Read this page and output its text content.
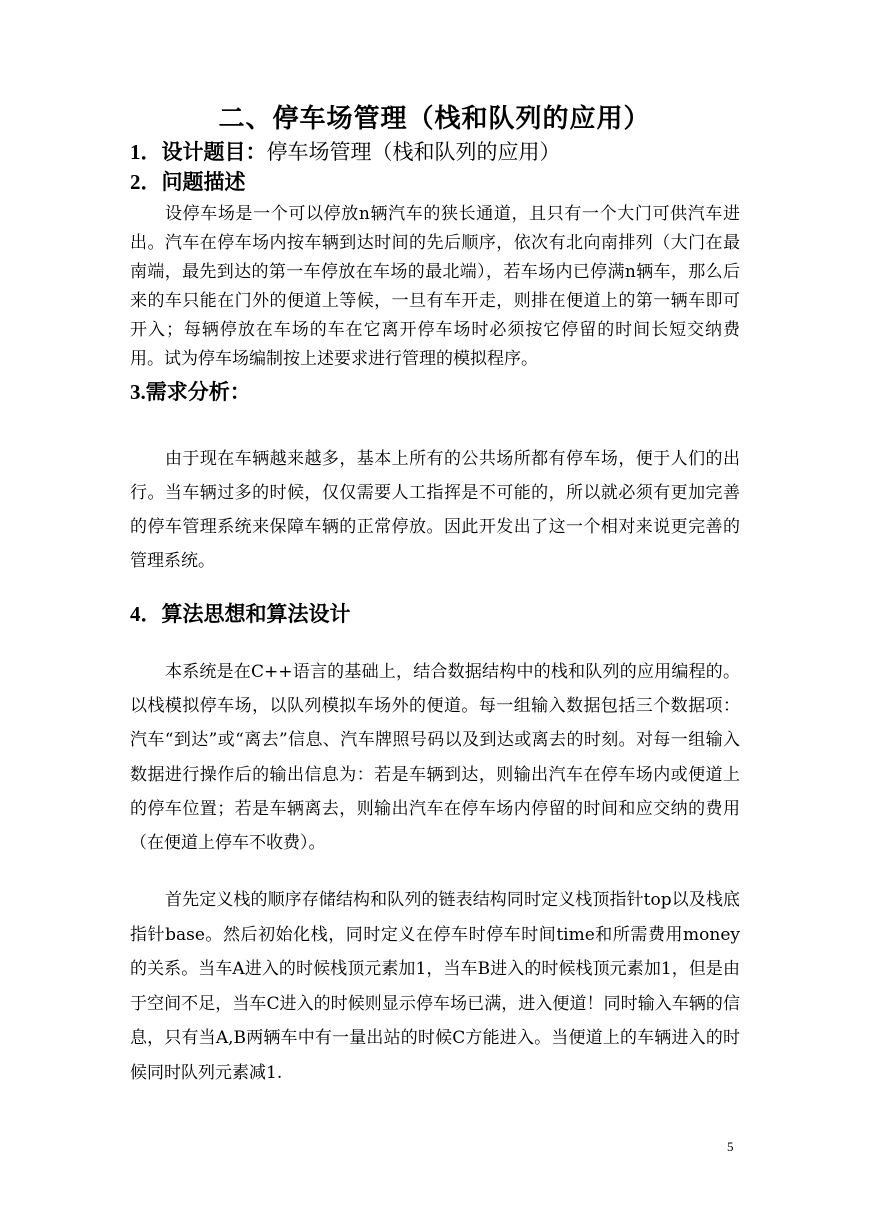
二、停车场管理（栈和队列的应用）
1．设计题目：停车场管理（栈和队列的应用）
2．问题描述
设停车场是一个可以停放n辆汽车的狭长通道，且只有一个大门可供汽车进出。汽车在停车场内按车辆到达时间的先后顺序，依次有北向南排列（大门在最南端，最先到达的第一车停放在车场的最北端），若车场内已停满n辆车，那么后来的车只能在门外的便道上等候，一旦有车开走，则排在便道上的第一辆车即可开入；每辆停放在车场的车在它离开停车场时必须按它停留的时间长短交纳费用。试为停车场编制按上述要求进行管理的模拟程序。
3.需求分析：
由于现在车辆越来越多，基本上所有的公共场所都有停车场，便于人们的出行。当车辆过多的时候，仅仅需要人工指挥是不可能的，所以就必须有更加完善的停车管理系统来保障车辆的正常停放。因此开发出了这一个相对来说更完善的管理系统。
4．算法思想和算法设计
本系统是在C++语言的基础上，结合数据结构中的栈和队列的应用编程的。以栈模拟停车场，以队列模拟车场外的便道。每一组输入数据包括三个数据项：汽车“到达”或“离去”信息、汽车牌照号码以及到达或离去的时刻。对每一组输入数据进行操作后的输出信息为：若是车辆到达，则输出汽车在停车场内或便道上的停车位置；若是车辆离去，则输出汽车在停车场内停留的时间和应交纳的费用（在便道上停车不收费）。
首先定义栈的顺序存储结构和队列的链表结构同时定义栈顶指针top以及栈底指针base。然后初始化栈，同时定义在停车时停车时间time和所需费用money的关系。当车A进入的时候栈顶元素加1，当车B进入的时候栈顶元素加1，但是由于空间不足，当车C进入的时候则显示停车场已满，进入便道！同时输入车辆的信息，只有当A,B两辆车中有一量出站的时候C方能进入。当便道上的车辆进入的时候同时队列元素减1.
5
